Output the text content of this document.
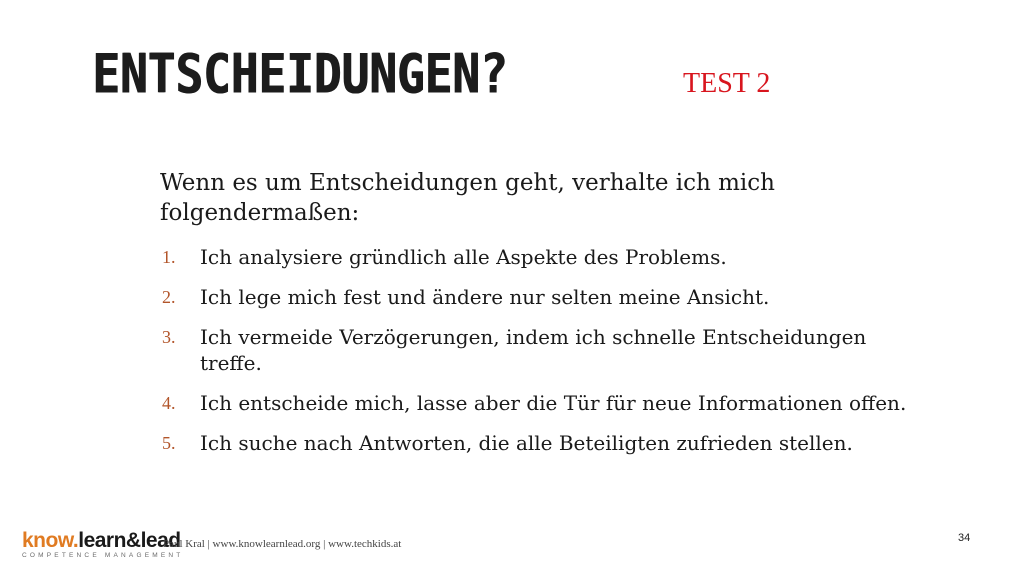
ENTSCHEIDUNGEN?	TEST 2
Wenn es um Entscheidungen geht, verhalte ich mich folgendermaßen:
1. Ich analysiere gründlich alle Aspekte des Problems.
2. Ich lege mich fest und ändere nur selten meine Ansicht.
3. Ich vermeide Verzögerungen, indem ich schnelle Entscheidungen treffe.
4. Ich entscheide mich, lasse aber die Tür für neue Informationen offen.
5. Ich suche nach Antworten, die alle Beteiligten zufrieden stellen.
know.learn&lead
COMPETENCE MANAGEMENT
Paul Kral | www.knowlearnlead.org | www.techkids.at	34
